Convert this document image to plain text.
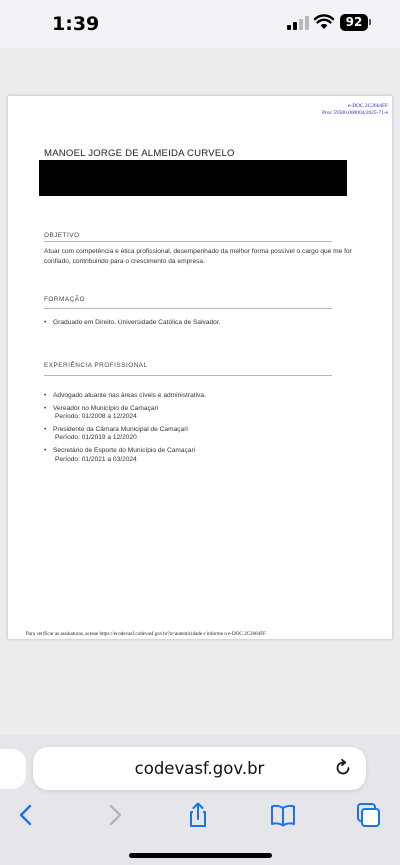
1:39	92
e-DOC 2C2664FF
Proc 59500.000004/2025-71-e
MANOEL JORGE DE ALMEIDA CURVELO
OBJETIVO
Atuar com competência e ética profissional, desempenhado da melhor forma possível o cargo que me for confiado, contribuindo para o crescimento da empresa.
FORMAÇÃO
• Graduado em Direito. Universidade Católica de Salvador.
EXPERIÊNCIA PROFISSIONAL
• Advogado atuante nas áreas cíveis e administrativa.
• Vereador no Município de Camaçari
Período: 01/2008 a 12/2024
• Presidente da Câmara Municipal de Camaçari
Período: 01/2019 a 12/2020
• Secretário de Esporte do Município de Camaçari
Período: 01/2021 a 03/2024
Para verificar as assinaturas, acesse https://ecodevasf.codevasf.gov.br?a=autenticidade e informe o e-DOC 2C2664FF
codevasf.gov.br
